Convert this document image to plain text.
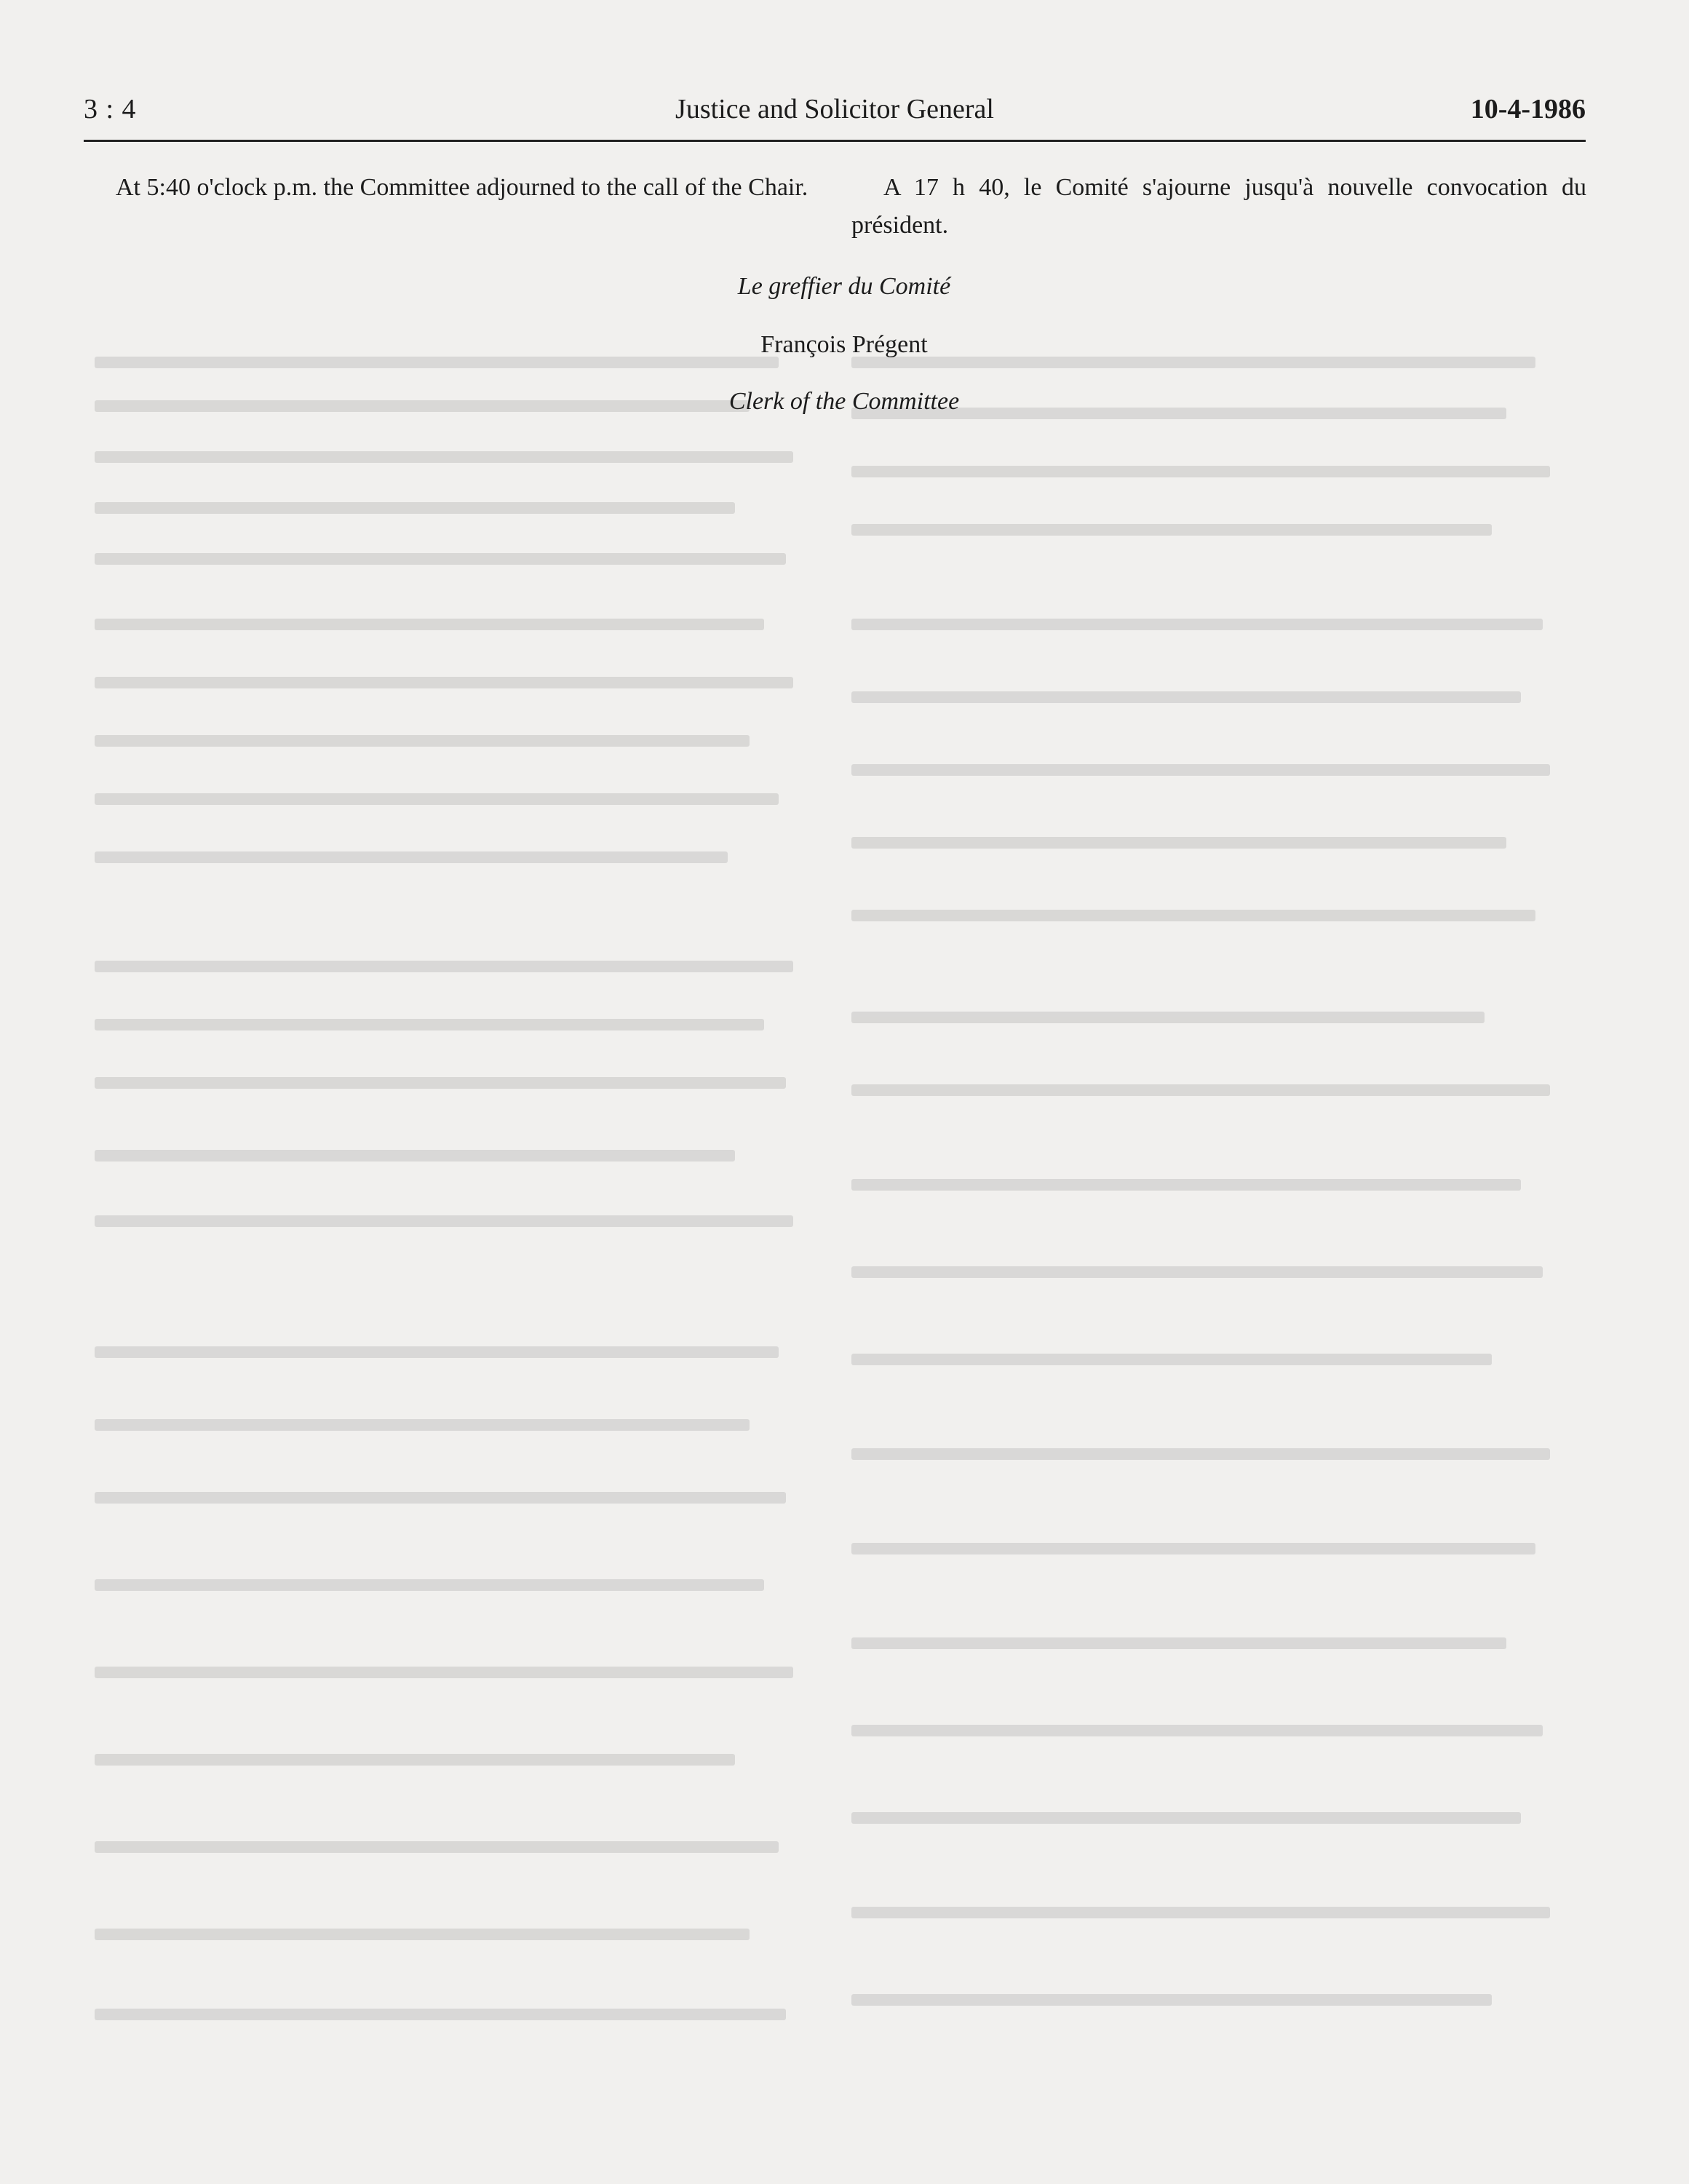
3 : 4	Justice and Solicitor General	10-4-1986

At 5:40 o'clock p.m. the Committee adjourned to the call of the Chair.	A 17 h 40, le Comité s'ajourne jusqu'à nouvelle convocation du président.

Le greffier du Comité
François Prégent
Clerk of the Committee
